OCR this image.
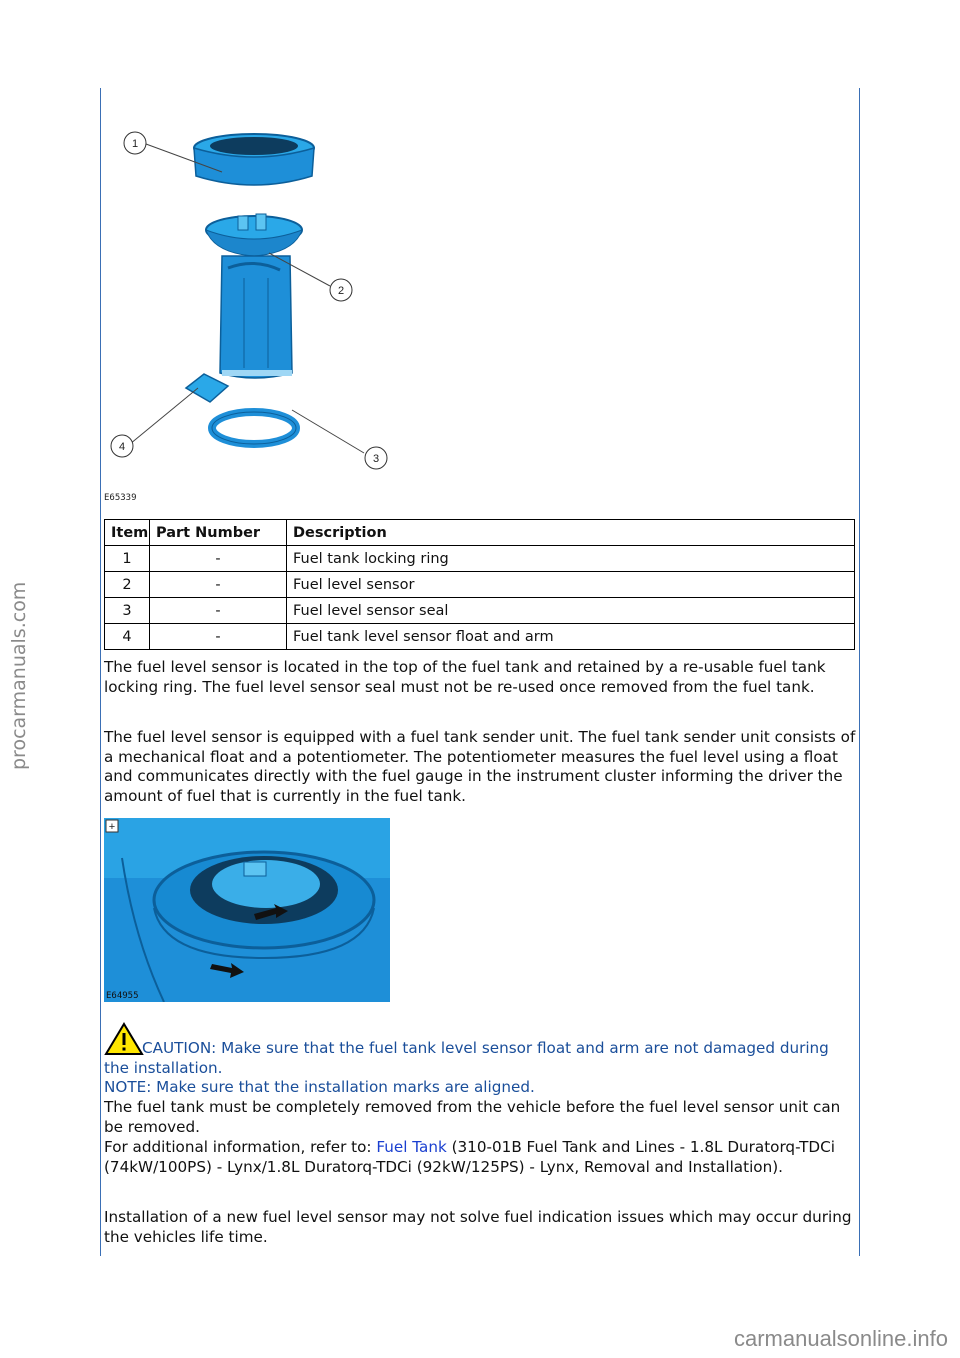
procarmanuals.com
carmanualsonline.info
1
2
3
4
E65339
Item	Part Number	Description
1	-	Fuel tank locking ring
2	-	Fuel level sensor
3	-	Fuel level sensor seal
4	-	Fuel tank level sensor float and arm

The fuel level sensor is located in the top of the fuel tank and retained by a re-usable fuel tank locking ring. The fuel level sensor seal must not be re-used once removed from the fuel tank.

The fuel level sensor is equipped with a fuel tank sender unit. The fuel tank sender unit consists of a mechanical float and a potentiometer. The potentiometer measures the fuel level using a float and communicates directly with the fuel gauge in the instrument cluster informing the driver the amount of fuel that is currently in the fuel tank.

+
E64955

CAUTION: Make sure that the fuel tank level sensor float and arm are not damaged during the installation.

NOTE: Make sure that the installation marks are aligned.

The fuel tank must be completely removed from the vehicle before the fuel level sensor unit can be removed.

For additional information, refer to: Fuel Tank (310-01B Fuel Tank and Lines - 1.8L Duratorq-TDCi (74kW/100PS) - Lynx/1.8L Duratorq-TDCi (92kW/125PS) - Lynx, Removal and Installation).

Installation of a new fuel level sensor may not solve fuel indication issues which may occur during the vehicles life time.
